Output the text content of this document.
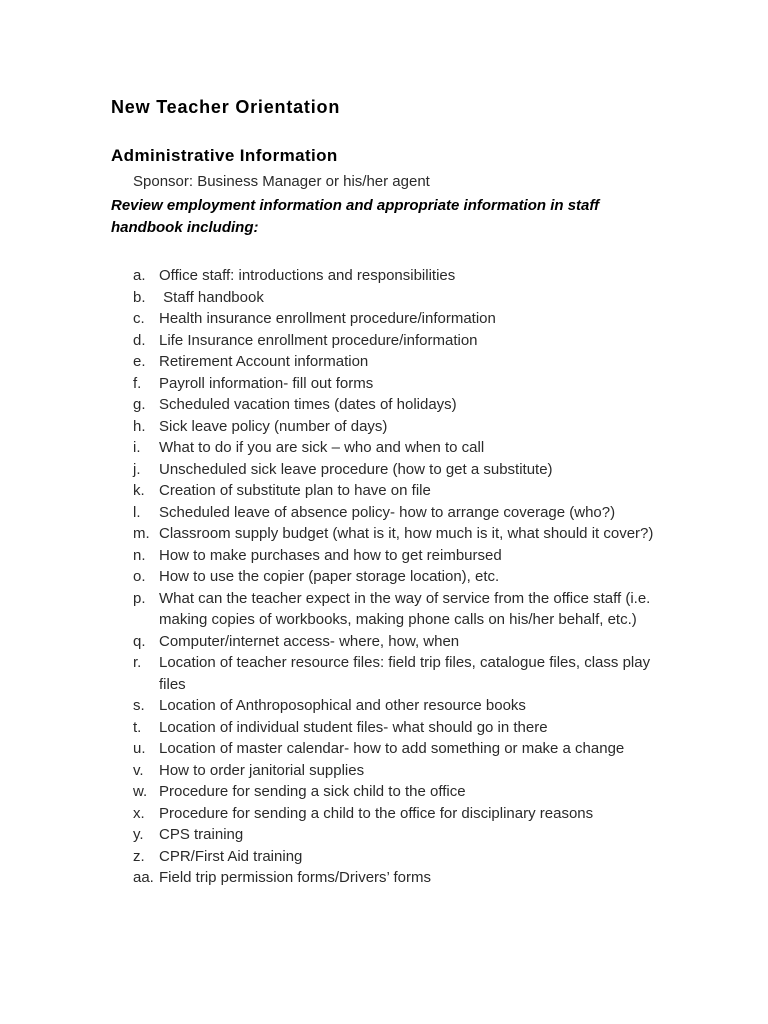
New Teacher Orientation
Administrative Information

Sponsor: Business Manager or his/her agent

Review employment information and appropriate information in staff handbook including:

a. Office staff: introductions and responsibilities
b. Staff handbook
c. Health insurance enrollment procedure/information
d. Life Insurance enrollment procedure/information
e. Retirement Account information
f.	Payroll information- fill out forms
g. Scheduled vacation times (dates of holidays)
h. Sick leave policy (number of days)
i.	What to do if you are sick – who and when to call
j.	Unscheduled sick leave procedure (how to get a substitute)
k. Creation of substitute plan to have on file
l.	Scheduled leave of absence policy- how to arrange coverage (who?)
m. Classroom supply budget (what is it, how much is it, what should it cover?)
n. How to make purchases and how to get reimbursed
o. How to use the copier (paper storage location), etc.
p. What can the teacher expect in the way of service from the office staff (i.e.   making copies of workbooks, making phone calls on his/her behalf, etc.)
q. Computer/internet access- where, how, when
r.	Location of teacher resource files: field trip files, catalogue files, class play files
s. Location of Anthroposophical and other resource books
t.	Location of individual student files- what should go in there
u. Location of master calendar- how to add something or make a change
v.	How to order janitorial supplies
w. Procedure for sending a sick child to the office
x. Procedure for sending a child to the office for disciplinary reasons
y.	CPS training
z. CPR/First Aid training
aa. Field trip permission forms/Drivers’ forms
